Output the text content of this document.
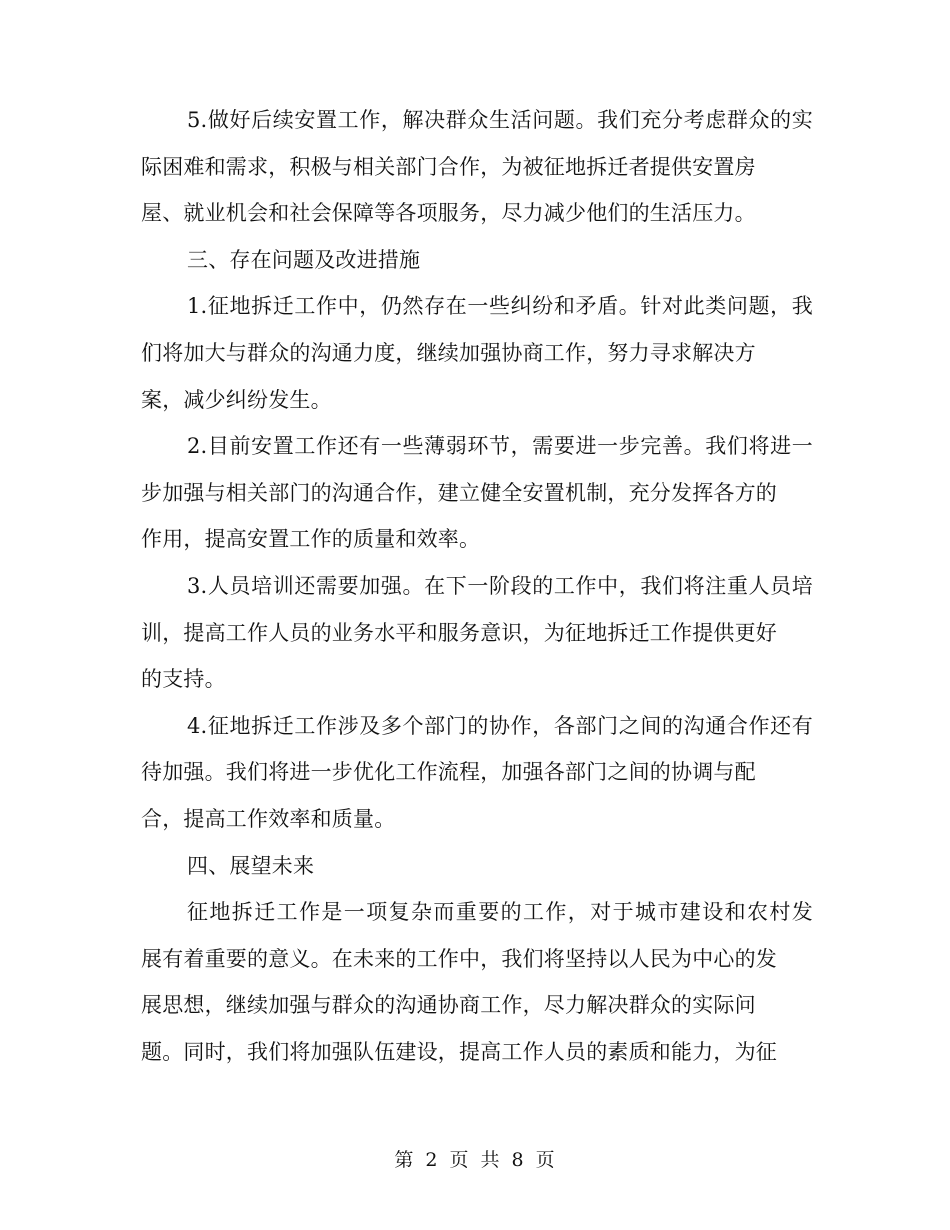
5.做好后续安置工作，解决群众生活问题。我们充分考虑群众的实
际困难和需求，积极与相关部门合作，为被征地拆迁者提供安置房
屋、就业机会和社会保障等各项服务，尽力减少他们的生活压力。
三、存在问题及改进措施
1.征地拆迁工作中，仍然存在一些纠纷和矛盾。针对此类问题，我
们将加大与群众的沟通力度，继续加强协商工作，努力寻求解决方
案，减少纠纷发生。
2.目前安置工作还有一些薄弱环节，需要进一步完善。我们将进一
步加强与相关部门的沟通合作，建立健全安置机制，充分发挥各方的
作用，提高安置工作的质量和效率。
3.人员培训还需要加强。在下一阶段的工作中，我们将注重人员培
训，提高工作人员的业务水平和服务意识，为征地拆迁工作提供更好
的支持。
4.征地拆迁工作涉及多个部门的协作，各部门之间的沟通合作还有
待加强。我们将进一步优化工作流程，加强各部门之间的协调与配
合，提高工作效率和质量。
四、展望未来
征地拆迁工作是一项复杂而重要的工作，对于城市建设和农村发
展有着重要的意义。在未来的工作中，我们将坚持以人民为中心的发
展思想，继续加强与群众的沟通协商工作，尽力解决群众的实际问
题。同时，我们将加强队伍建设，提高工作人员的素质和能力，为征
第 2 页 共 8 页
